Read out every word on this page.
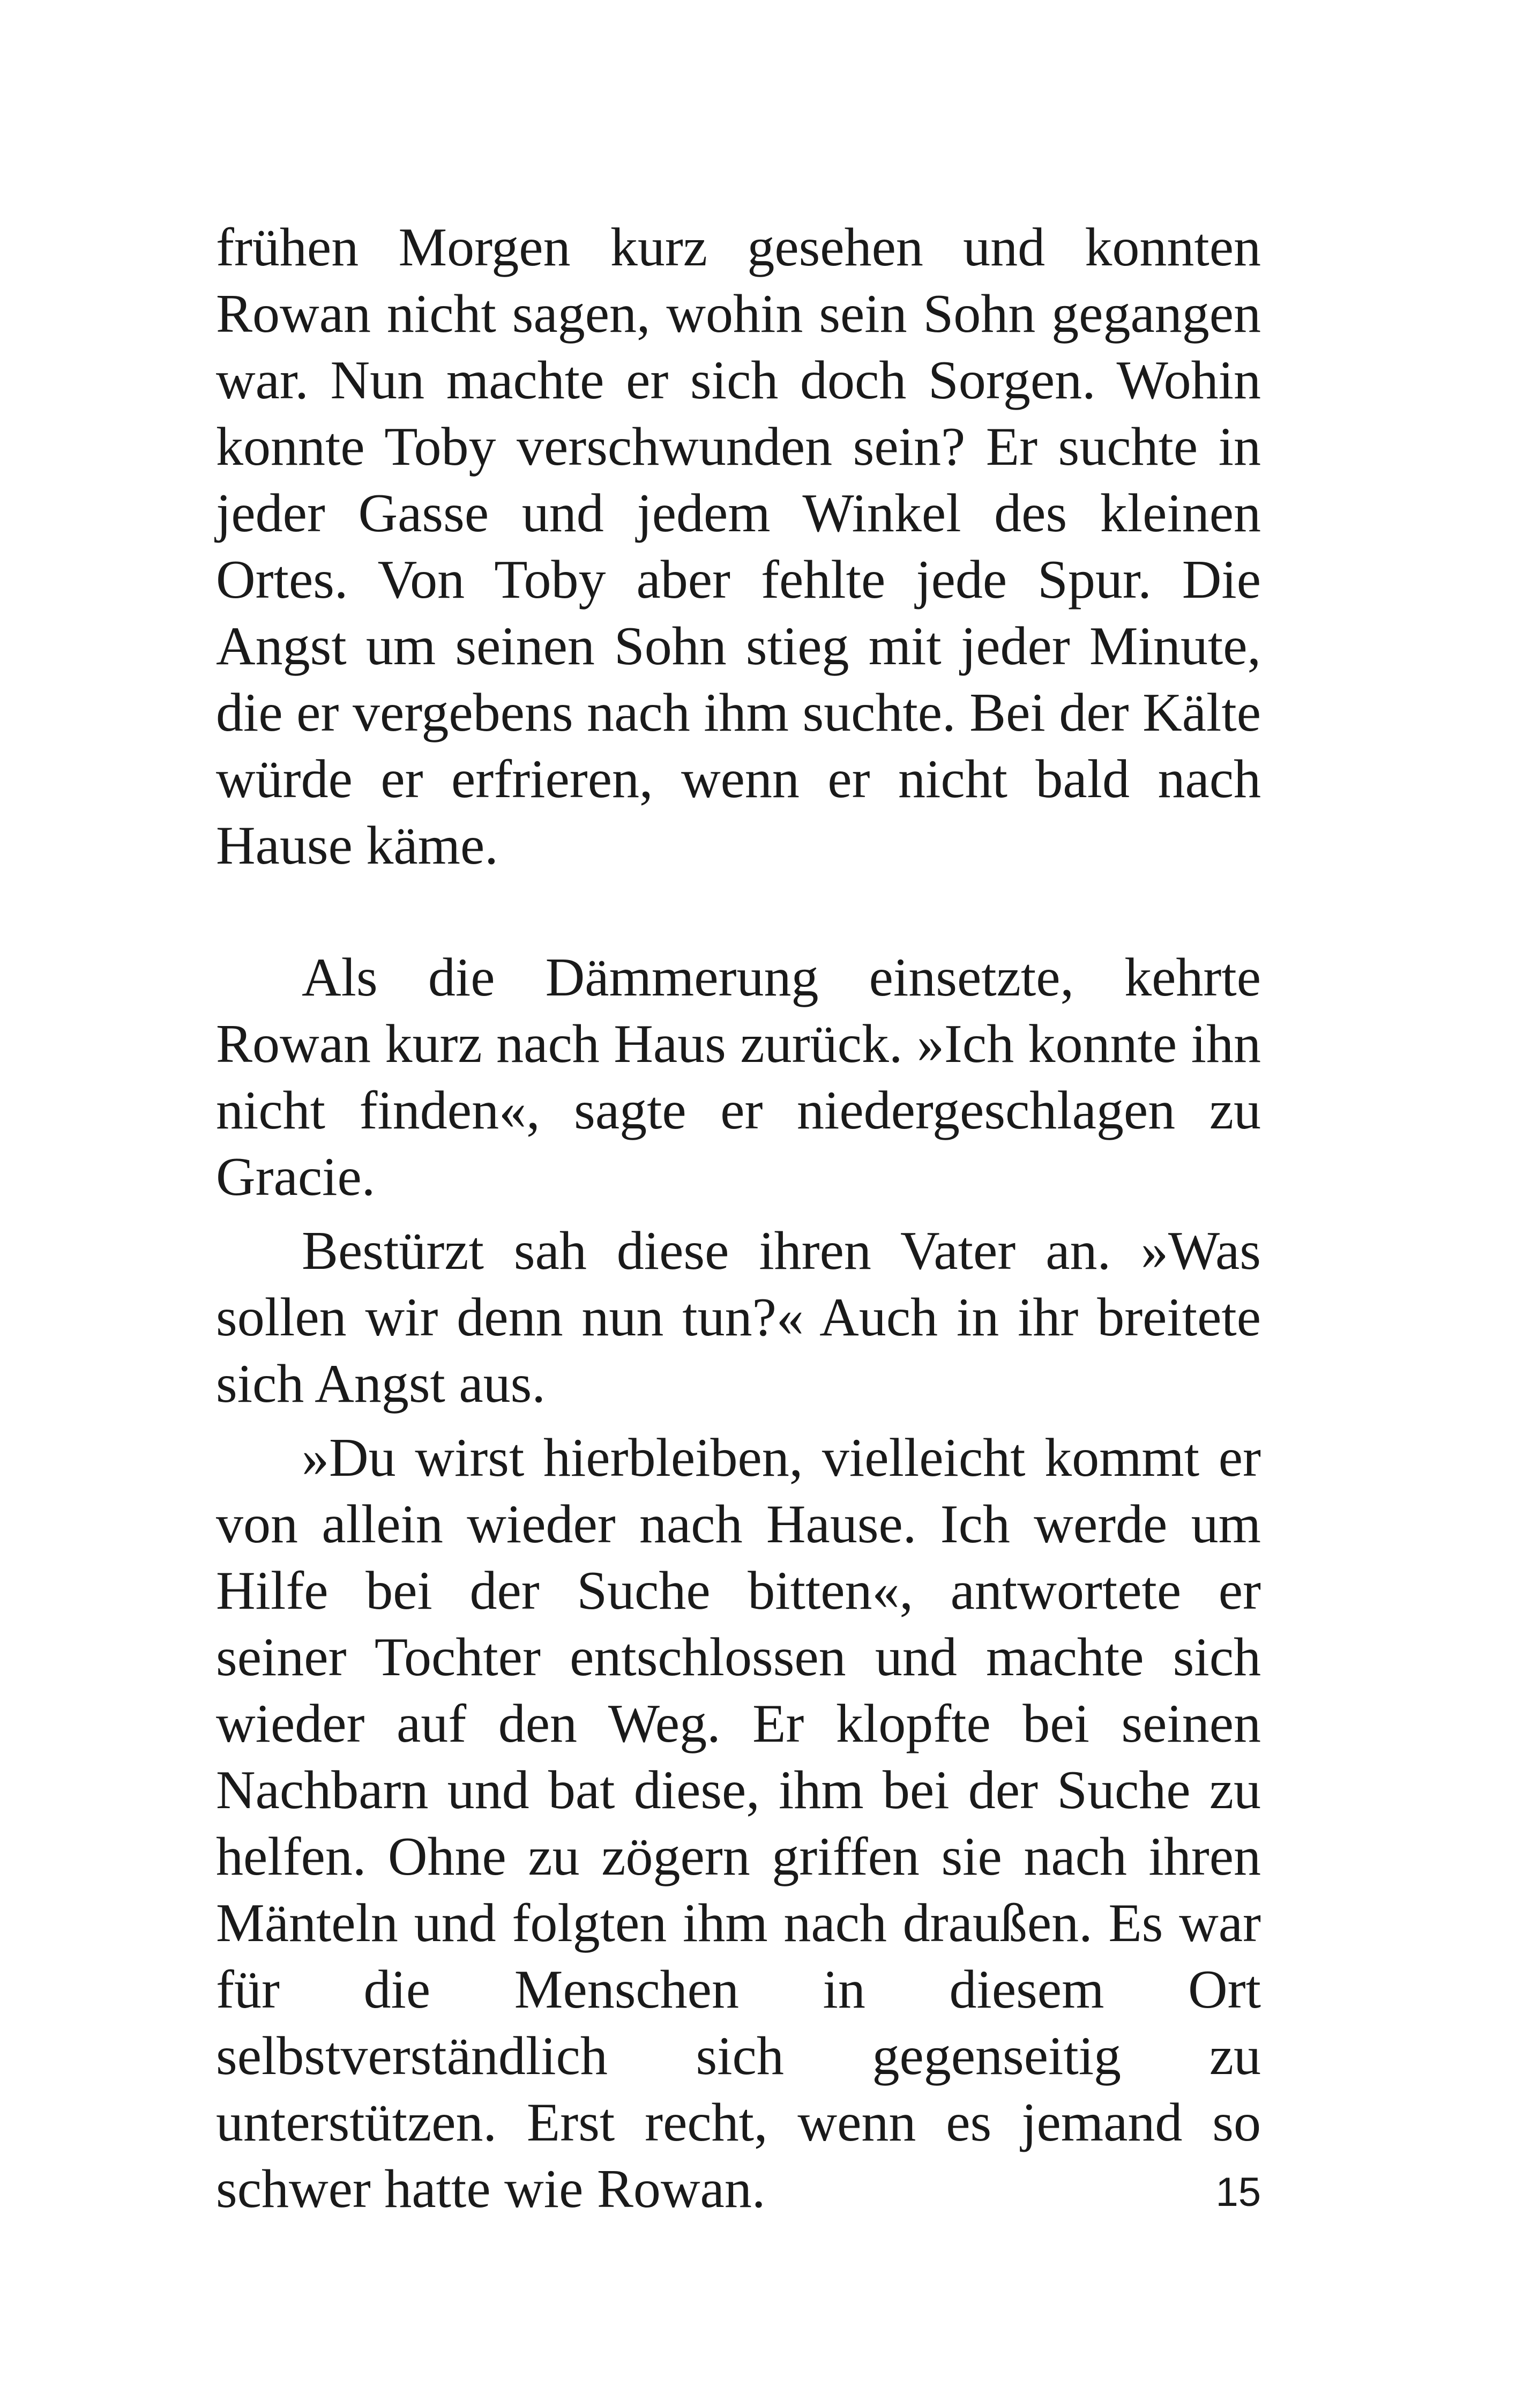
frühen Morgen kurz gesehen und konnten Rowan nicht sagen, wohin sein Sohn gegangen war. Nun machte er sich doch Sorgen. Wohin konnte Toby verschwunden sein? Er suchte in jeder Gasse und jedem Winkel des kleinen Ortes. Von Toby aber fehlte jede Spur. Die Angst um seinen Sohn stieg mit jeder Minute, die er vergebens nach ihm suchte. Bei der Kälte würde er erfrieren, wenn er nicht bald nach Hause käme.

Als die Dämmerung einsetzte, kehrte Rowan kurz nach Haus zurück. »Ich konnte ihn nicht finden«, sagte er niedergeschlagen zu Gracie.

Bestürzt sah diese ihren Vater an. »Was sollen wir denn nun tun?« Auch in ihr breitete sich Angst aus.

»Du wirst hierbleiben, vielleicht kommt er von allein wieder nach Hause. Ich werde um Hilfe bei der Suche bitten«, antwortete er seiner Tochter entschlossen und machte sich wieder auf den Weg. Er klopfte bei seinen Nachbarn und bat diese, ihm bei der Suche zu helfen. Ohne zu zögern griffen sie nach ihren Mänteln und folgten ihm nach draußen. Es war für die Menschen in diesem Ort selbstverständlich sich gegenseitig zu unterstützen. Erst recht, wenn es jemand so schwer hatte wie Rowan.	15
